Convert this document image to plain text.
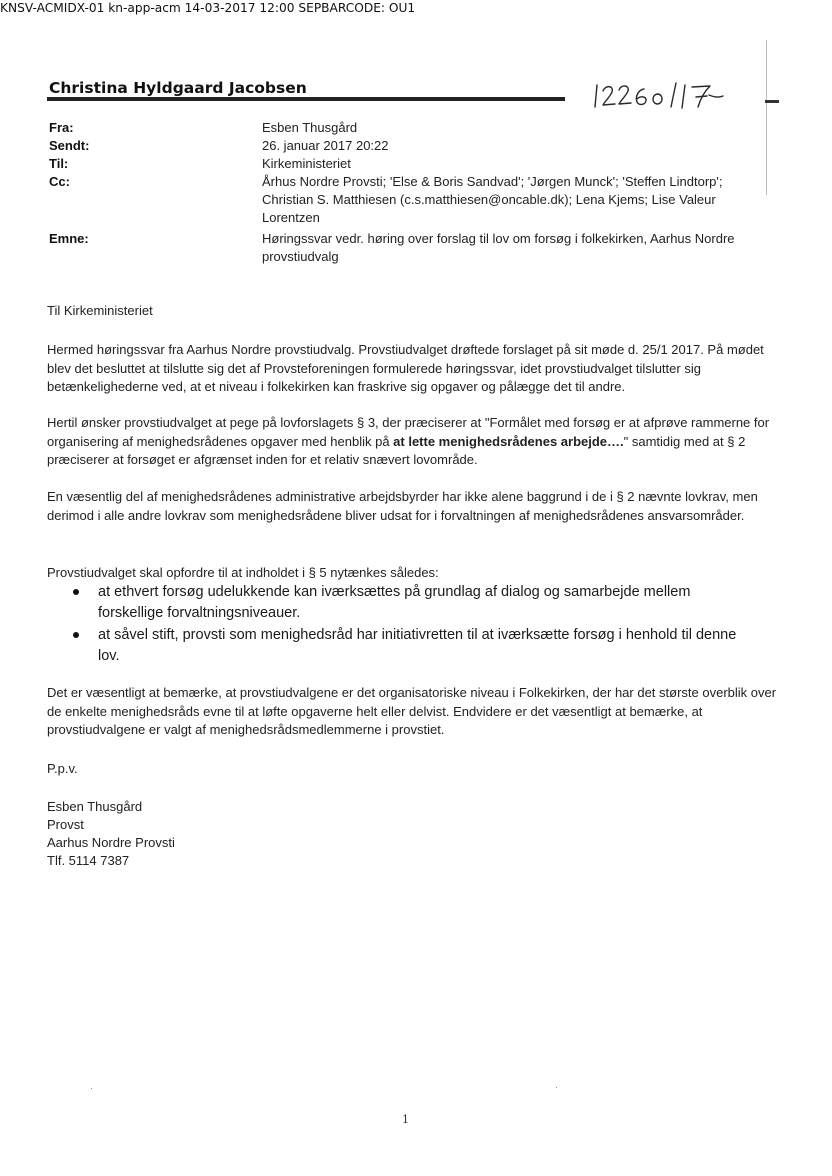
KNSV-ACMIDX-01 kn-app-acm 14-03-2017 12:00 SEPBARCODE: OU1
Christina Hyldgaard Jacobsen
Fra:	Esben Thusgård
Sendt:	26. januar 2017 20:22
Til:	Kirkeministeriet
Cc:	Århus Nordre Provsti; 'Else & Boris Sandvad'; 'Jørgen Munck'; 'Steffen Lindtorp'; Christian S. Matthiesen (c.s.matthiesen@oncable.dk); Lena Kjems; Lise Valeur Lorentzen
Emne:	Høringssvar vedr. høring over forslag til lov om forsøg i folkekirken, Aarhus Nordre provstiudvalg
Til Kirkeministeriet
Hermed høringssvar fra Aarhus Nordre provstiudvalg. Provstiudvalget drøftede forslaget på sit møde d. 25/1 2017. På mødet blev det besluttet at tilslutte sig det af Provsteforeningen formulerede høringssvar, idet provstiudvalget tilslutter sig betænkelighederne ved, at et niveau i folkekirken kan fraskrive sig opgaver og pålægge det til andre.
Hertil ønsker provstiudvalget at pege på lovforslagets § 3, der præciserer at "Formålet med forsøg er at afprøve rammerne for organisering af menighedsrådenes opgaver med henblik på at lette menighedsrådenes arbejde…." samtidig med at § 2 præciserer at forsøget er afgrænset inden for et relativ snævert lovområde.
En væsentlig del af menighedsrådenes administrative arbejdsbyrder har ikke alene baggrund i de i § 2 nævnte lovkrav, men derimod i alle andre lovkrav som menighedsrådene bliver udsat for i forvaltningen af menighedsrådenes ansvarsområder.
Provstiudvalget skal opfordre til at indholdet i § 5 nytænkes således:
at ethvert forsøg udelukkende kan iværksættes på grundlag af dialog og samarbejde mellem forskellige forvaltningsniveauer.
at såvel stift, provsti som menighedsråd har initiativretten til at iværksætte forsøg i henhold til denne lov.
Det er væsentligt at bemærke, at provstiudvalgene er det organisatoriske niveau i Folkekirken, der har det største overblik over de enkelte menighedsråds evne til at løfte opgaverne helt eller delvist. Endvidere er det væsentligt at bemærke, at provstiudvalgene er valgt af menighedsrådsmedlemmerne i provstiet.
P.p.v.
Esben Thusgård
Provst
Aarhus Nordre Provsti
Tlf. 5114 7387
1
